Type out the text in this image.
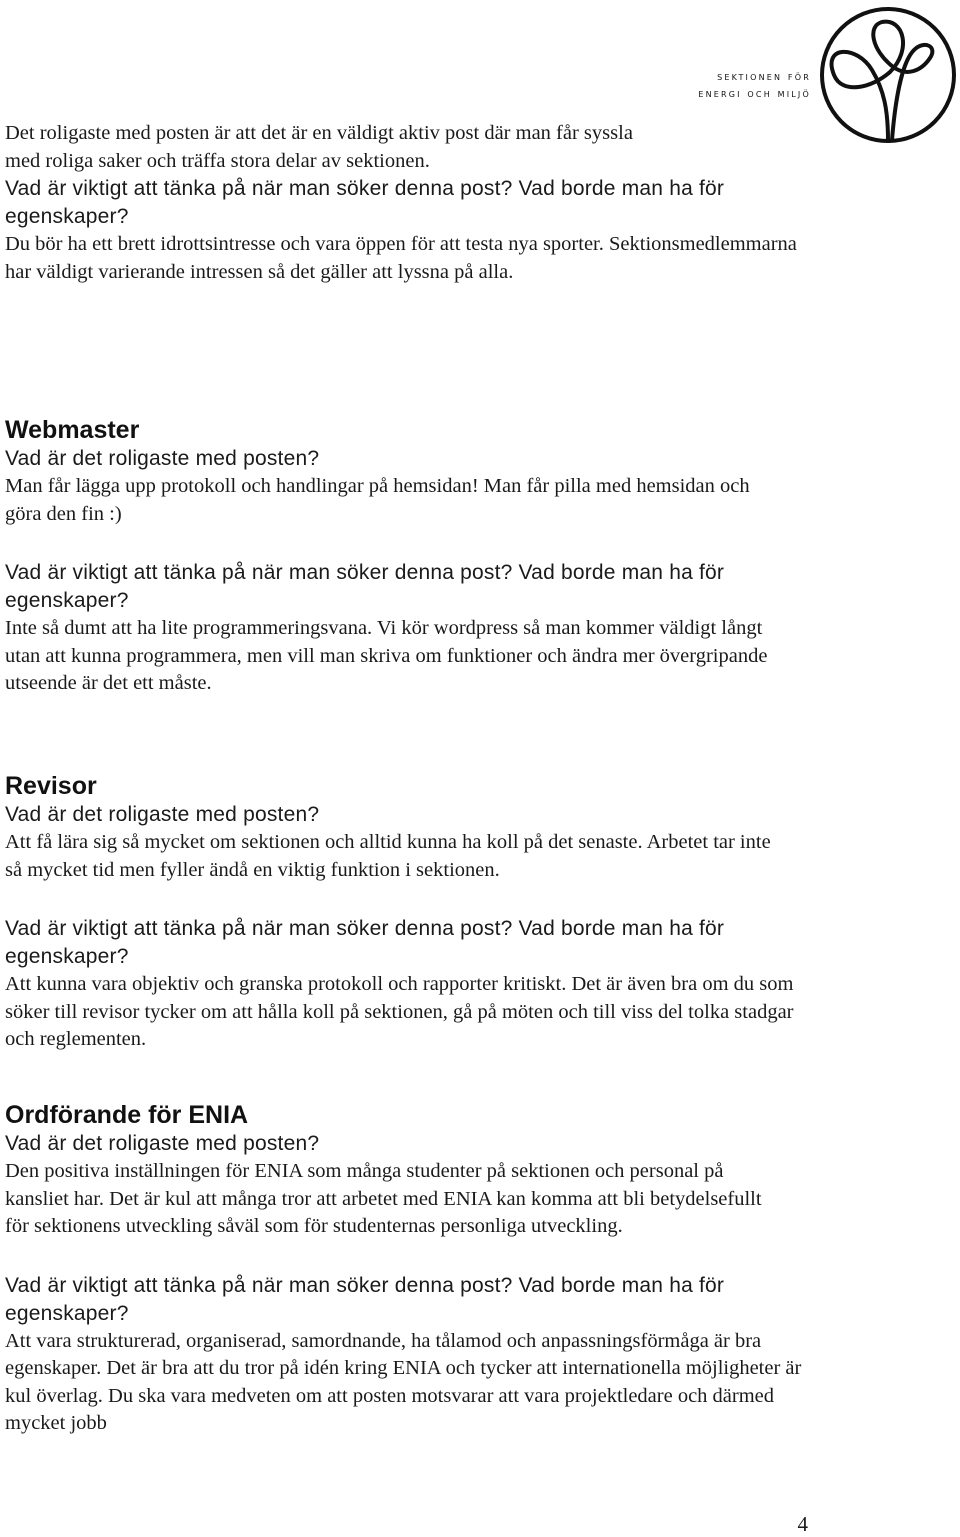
sektionen för
energi och miljö

Det roligaste med posten är att det är en väldigt aktiv post där man får syssla med roliga saker och träffa stora delar av sektionen.

Vad är viktigt att tänka på när man söker denna post? Vad borde man ha för egenskaper?

Du bör ha ett brett idrottsintresse och vara öppen för att testa nya sporter. Sektionsmedlemmarna har väldigt varierande intressen så det gäller att lyssna på alla.

Webmaster

Vad är det roligaste med posten?

Man får lägga upp protokoll och handlingar på hemsidan! Man får pilla med hemsidan och göra den fin :)

Vad är viktigt att tänka på när man söker denna post? Vad borde man ha för egenskaper?

Inte så dumt att ha lite programmeringsvana. Vi kör wordpress så man kommer väldigt långt utan att kunna programmera, men vill man skriva om funktioner och ändra mer övergripande utseende är det ett måste.

Revisor

Vad är det roligaste med posten?

Att få lära sig så mycket om sektionen och alltid kunna ha koll på det senaste. Arbetet tar inte så mycket tid men fyller ändå en viktig funktion i sektionen.

Vad är viktigt att tänka på när man söker denna post? Vad borde man ha för egenskaper?

Att kunna vara objektiv och granska protokoll och rapporter kritiskt. Det är även bra om du som söker till revisor tycker om att hålla koll på sektionen, gå på möten och till viss del tolka stadgar och reglementen.

Ordförande för ENIA

Vad är det roligaste med posten?

Den positiva inställningen för ENIA som många studenter på sektionen och personal på kansliet har. Det är kul att många tror att arbetet med ENIA kan komma att bli betydelsefullt för sektionens utveckling såväl som för studenternas personliga utveckling.

Vad är viktigt att tänka på när man söker denna post? Vad borde man ha för egenskaper?

Att vara strukturerad, organiserad, samordnande, ha tålamod och anpassningsförmåga är bra egenskaper. Det är bra att du tror på idén kring ENIA och tycker att internationella möjligheter är kul överlag. Du ska vara medveten om att posten motsvarar att vara projektledare och därmed mycket jobb

4
